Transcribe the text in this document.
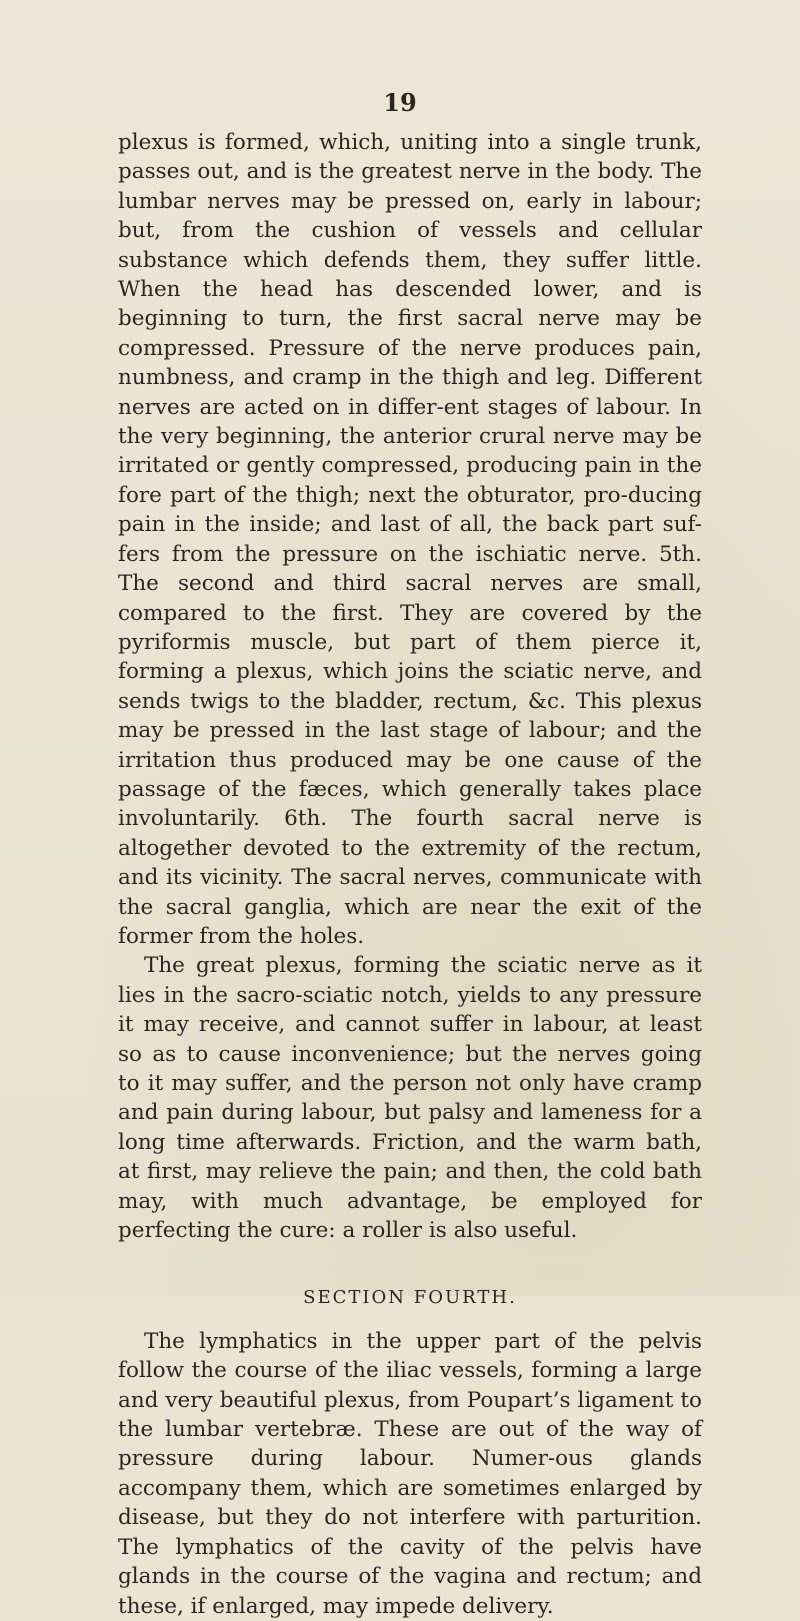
19

plexus is formed, which, uniting into a single trunk, passes out, and is the greatest nerve in the body. The lumbar nerves may be pressed on, early in labour; but, from the cushion of vessels and cellular substance which defends them, they suffer little. When the head has descended lower, and is beginning to turn, the first sacral nerve may be compressed. Pressure of the nerve produces pain, numbness, and cramp in the thigh and leg. Different nerves are acted on in differ-ent stages of labour. In the very beginning, the anterior crural nerve may be irritated or gently compressed, producing pain in the fore part of the thigh; next the obturator, pro-ducing pain in the inside; and last of all, the back part suf-fers from the pressure on the ischiatic nerve. 5th. The second and third sacral nerves are small, compared to the first. They are covered by the pyriformis muscle, but part of them pierce it, forming a plexus, which joins the sciatic nerve, and sends twigs to the bladder, rectum, &c. This plexus may be pressed in the last stage of labour; and the irritation thus produced may be one cause of the passage of the fæces, which generally takes place involuntarily. 6th. The fourth sacral nerve is altogether devoted to the extremity of the rectum, and its vicinity. The sacral nerves, communicate with the sacral ganglia, which are near the exit of the former from the holes.

The great plexus, forming the sciatic nerve as it lies in the sacro-sciatic notch, yields to any pressure it may receive, and cannot suffer in labour, at least so as to cause inconvenience; but the nerves going to it may suffer, and the person not only have cramp and pain during labour, but palsy and lameness for a long time afterwards. Friction, and the warm bath, at first, may relieve the pain; and then, the cold bath may, with much advantage, be employed for perfecting the cure: a roller is also useful.

SECTION FOURTH.

The lymphatics in the upper part of the pelvis follow the course of the iliac vessels, forming a large and very beautiful plexus, from Poupart’s ligament to the lumbar vertebræ. These are out of the way of pressure during labour. Numer-ous glands accompany them, which are sometimes enlarged by disease, but they do not interfere with parturition. The lymphatics of the cavity of the pelvis have glands in the course of the vagina and rectum; and these, if enlarged, may impede delivery.
